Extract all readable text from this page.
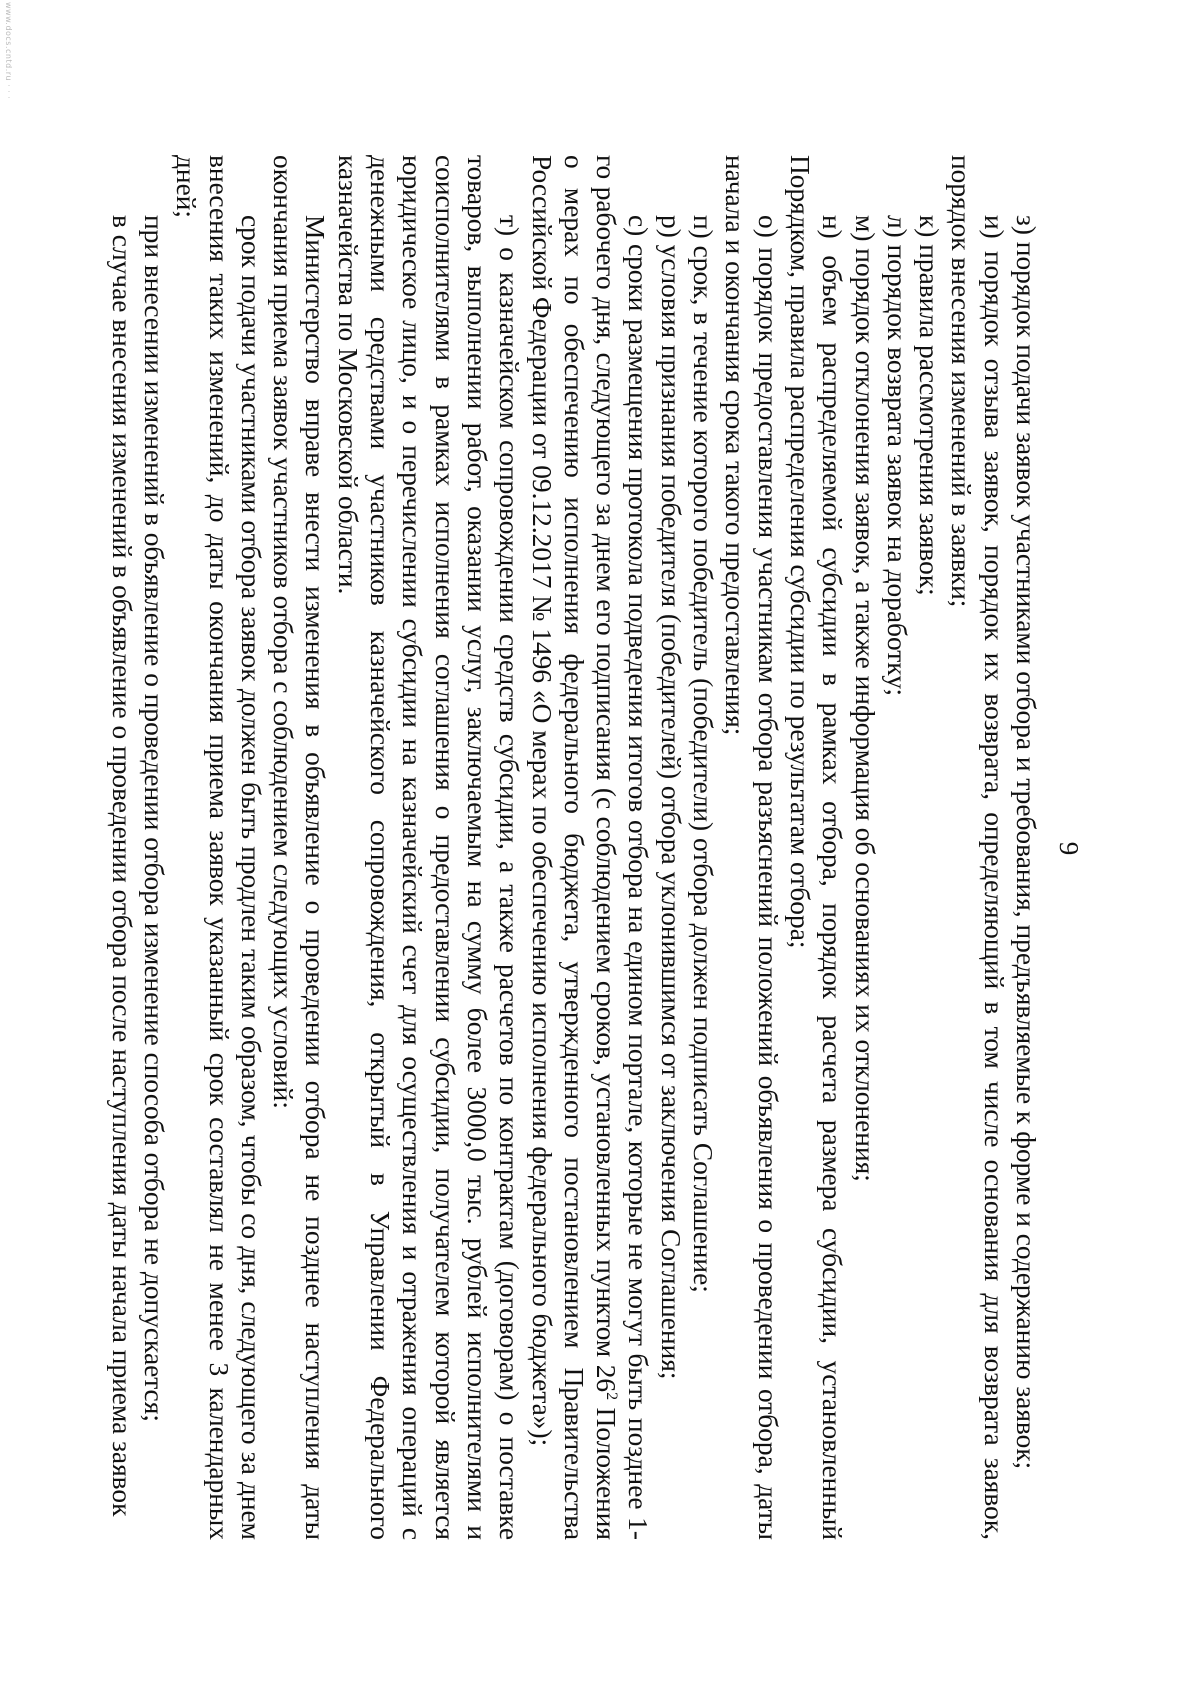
9

з) порядок подачи заявок участниками отбора и требования, предъявляемые к форме и содержанию заявок;

и) порядок отзыва заявок, порядок их возврата, определяющий в том числе основания для возврата заявок, порядок внесения изменений в заявки;

к) правила рассмотрения заявок;

л) порядок возврата заявок на доработку;

м) порядок отклонения заявок, а также информация об основаниях их отклонения;

н) объем распределяемой субсидии в рамках отбора, порядок расчета размера субсидии, установленный Порядком, правила распределения субсидии по результатам отбора;

о) порядок предоставления участникам отбора разъяснений положений объявления о проведении отбора, даты начала и окончания срока такого предоставления;

п) срок, в течение которого победитель (победители) отбора должен подписать Соглашение;

р) условия признания победителя (победителей) отбора уклонившимся от заключения Соглашения;

с) сроки размещения протокола подведения итогов отбора на едином портале, которые не могут быть позднее 1-го рабочего дня, следующего за днем его подписания (с соблюдением сроков, установленных пунктом $26^2$ Положения о мерах по обеспечению исполнения федерального бюджета, утвержденного постановлением Правительства Российской Федерации от 09.12.2017 № 1496 «О мерах по обеспечению исполнения федерального бюджета»);

т) о казначейском сопровождении средств субсидии, а также расчетов по контрактам (договорам) о поставке товаров, выполнении работ, оказании услуг, заключаемым на сумму более 3000,0 тыс. рублей исполнителями и соисполнителями в рамках исполнения соглашения о предоставлении субсидии, получателем которой является юридическое лицо, и о перечислении субсидии на казначейский счет для осуществления и отражения операций с денежными средствами участников казначейского сопровождения, открытый в Управлении Федерального казначейства по Московской области.

Министерство вправе внести изменения в объявление о проведении отбора не позднее наступления даты окончания приема заявок участников отбора с соблюдением следующих условий:

срок подачи участниками отбора заявок должен быть продлен таким образом, чтобы со дня, следующего за днем внесения таких изменений, до даты окончания приема заявок указанный срок составлял не менее 3 календарных дней;

при внесении изменений в объявление о проведении отбора изменение способа отбора не допускается;

в случае внесения изменений в объявление о проведении отбора после наступления даты начала приема заявок

www.docs.cntd.ru · · ·
